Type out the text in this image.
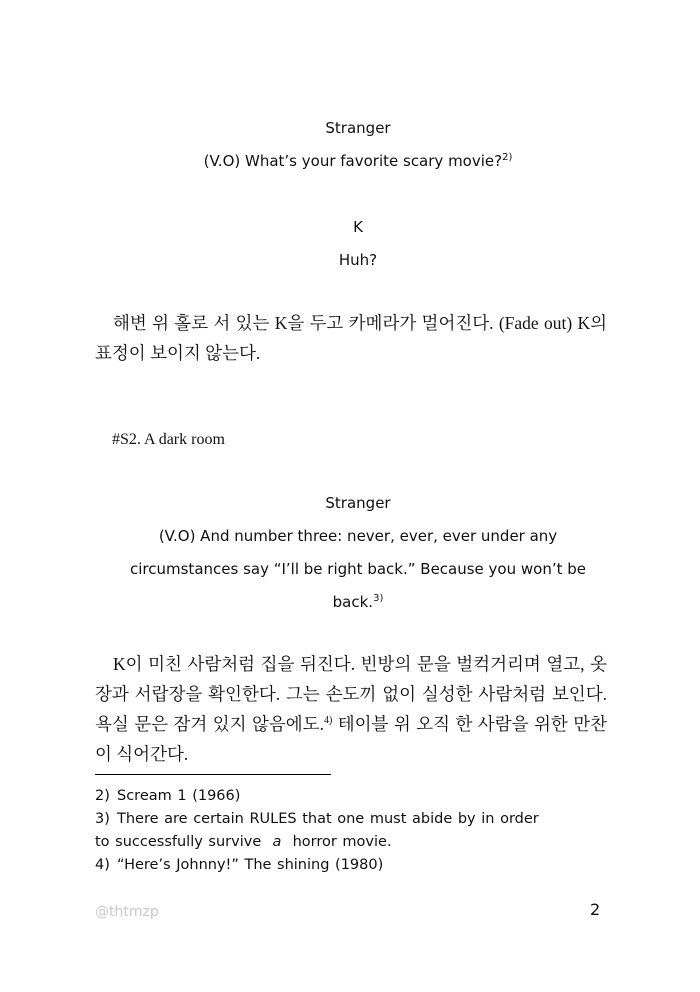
Stranger
(V.O) What’s your favorite scary movie?$^{2)}$
K
Huh?
해변 위 홀로 서 있는 K을 두고 카메라가 멀어진다. (Fade out) K의 표정이 보이지 않는다.
#S2. A dark room
Stranger
(V.O) And number three: never, ever, ever under any
circumstances say “I’ll be right back.” Because you won’t be
back.$^{3)}$
K이 미친 사람처럼 집을 뒤진다. 빈방의 문을 벌컥거리며 열고, 옷장과 서랍장을 확인한다. 그는 손도끼 없이 실성한 사람처럼 보인다. 욕실 문은 잠겨 있지 않음에도.$^{4)}$ 테이블 위 오직 한 사람을 위한 만찬이 식어간다.
2) Scream 1 (1966)
3) There are certain RULES that one must abide by in order
to successfully survive a horror movie.
4) “Here’s Johnny!” The shining (1980)
@thtmzp	2
